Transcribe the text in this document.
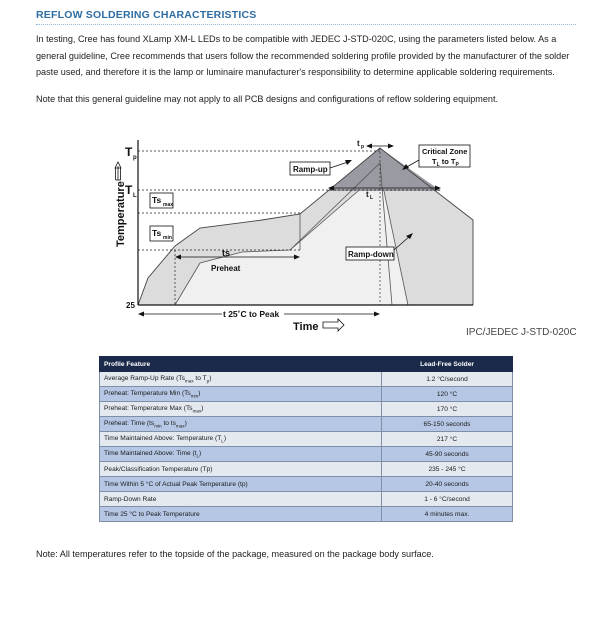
REFLOW SOLDERING CHARACTERISTICS
In testing, Cree has found XLamp XM-L LEDs to be compatible with JEDEC J-STD-020C, using the parameters listed below. As a general guideline, Cree recommends that users follow the recommended soldering profile provided by the manufacturer of the solder paste used, and therefore it is the lamp or luminaire manufacturer's responsibility to determine applicable soldering requirements.
Note that this general guideline may not apply to all PCB designs and configurations of reflow soldering equipment.
Temperature
T p
T L Ts max
Ts min
ts
Preheat
Ramp-up
Ramp-down
Critical Zone
$T_L$ to $T_P$
t p
t L
25
t 25˚C to Peak
Time	IPC/JEDEC J-STD-020C
Profile Feature	Lead-Free Solder
Average Ramp-Up Rate ($Ts_{max}$ to $T_p$)	1.2 °C/second
Preheat: Temperature Min $(Ts_{min})$	120 °C
Preheat: Temperature Max $(Ts_{max})$	170 °C
Preheat: Time ($ts_{min}$ to $ts_{max}$)	65-150 seconds
Time Maintained Above: Temperature $(T_L)$	217 °C
Time Maintained Above: Time $(t_L)$	45-90 seconds
Peak/Classification Temperature (Tp)	235 - 245 °C
Time Within 5 °C of Actual Peak Temperature (tp)	20-40 seconds
Ramp-Down Rate	1 - 6 °C/second
Time 25 °C to Peak Temperature	4 minutes max.
Note: All temperatures refer to the topside of the package, measured on the package body surface.
